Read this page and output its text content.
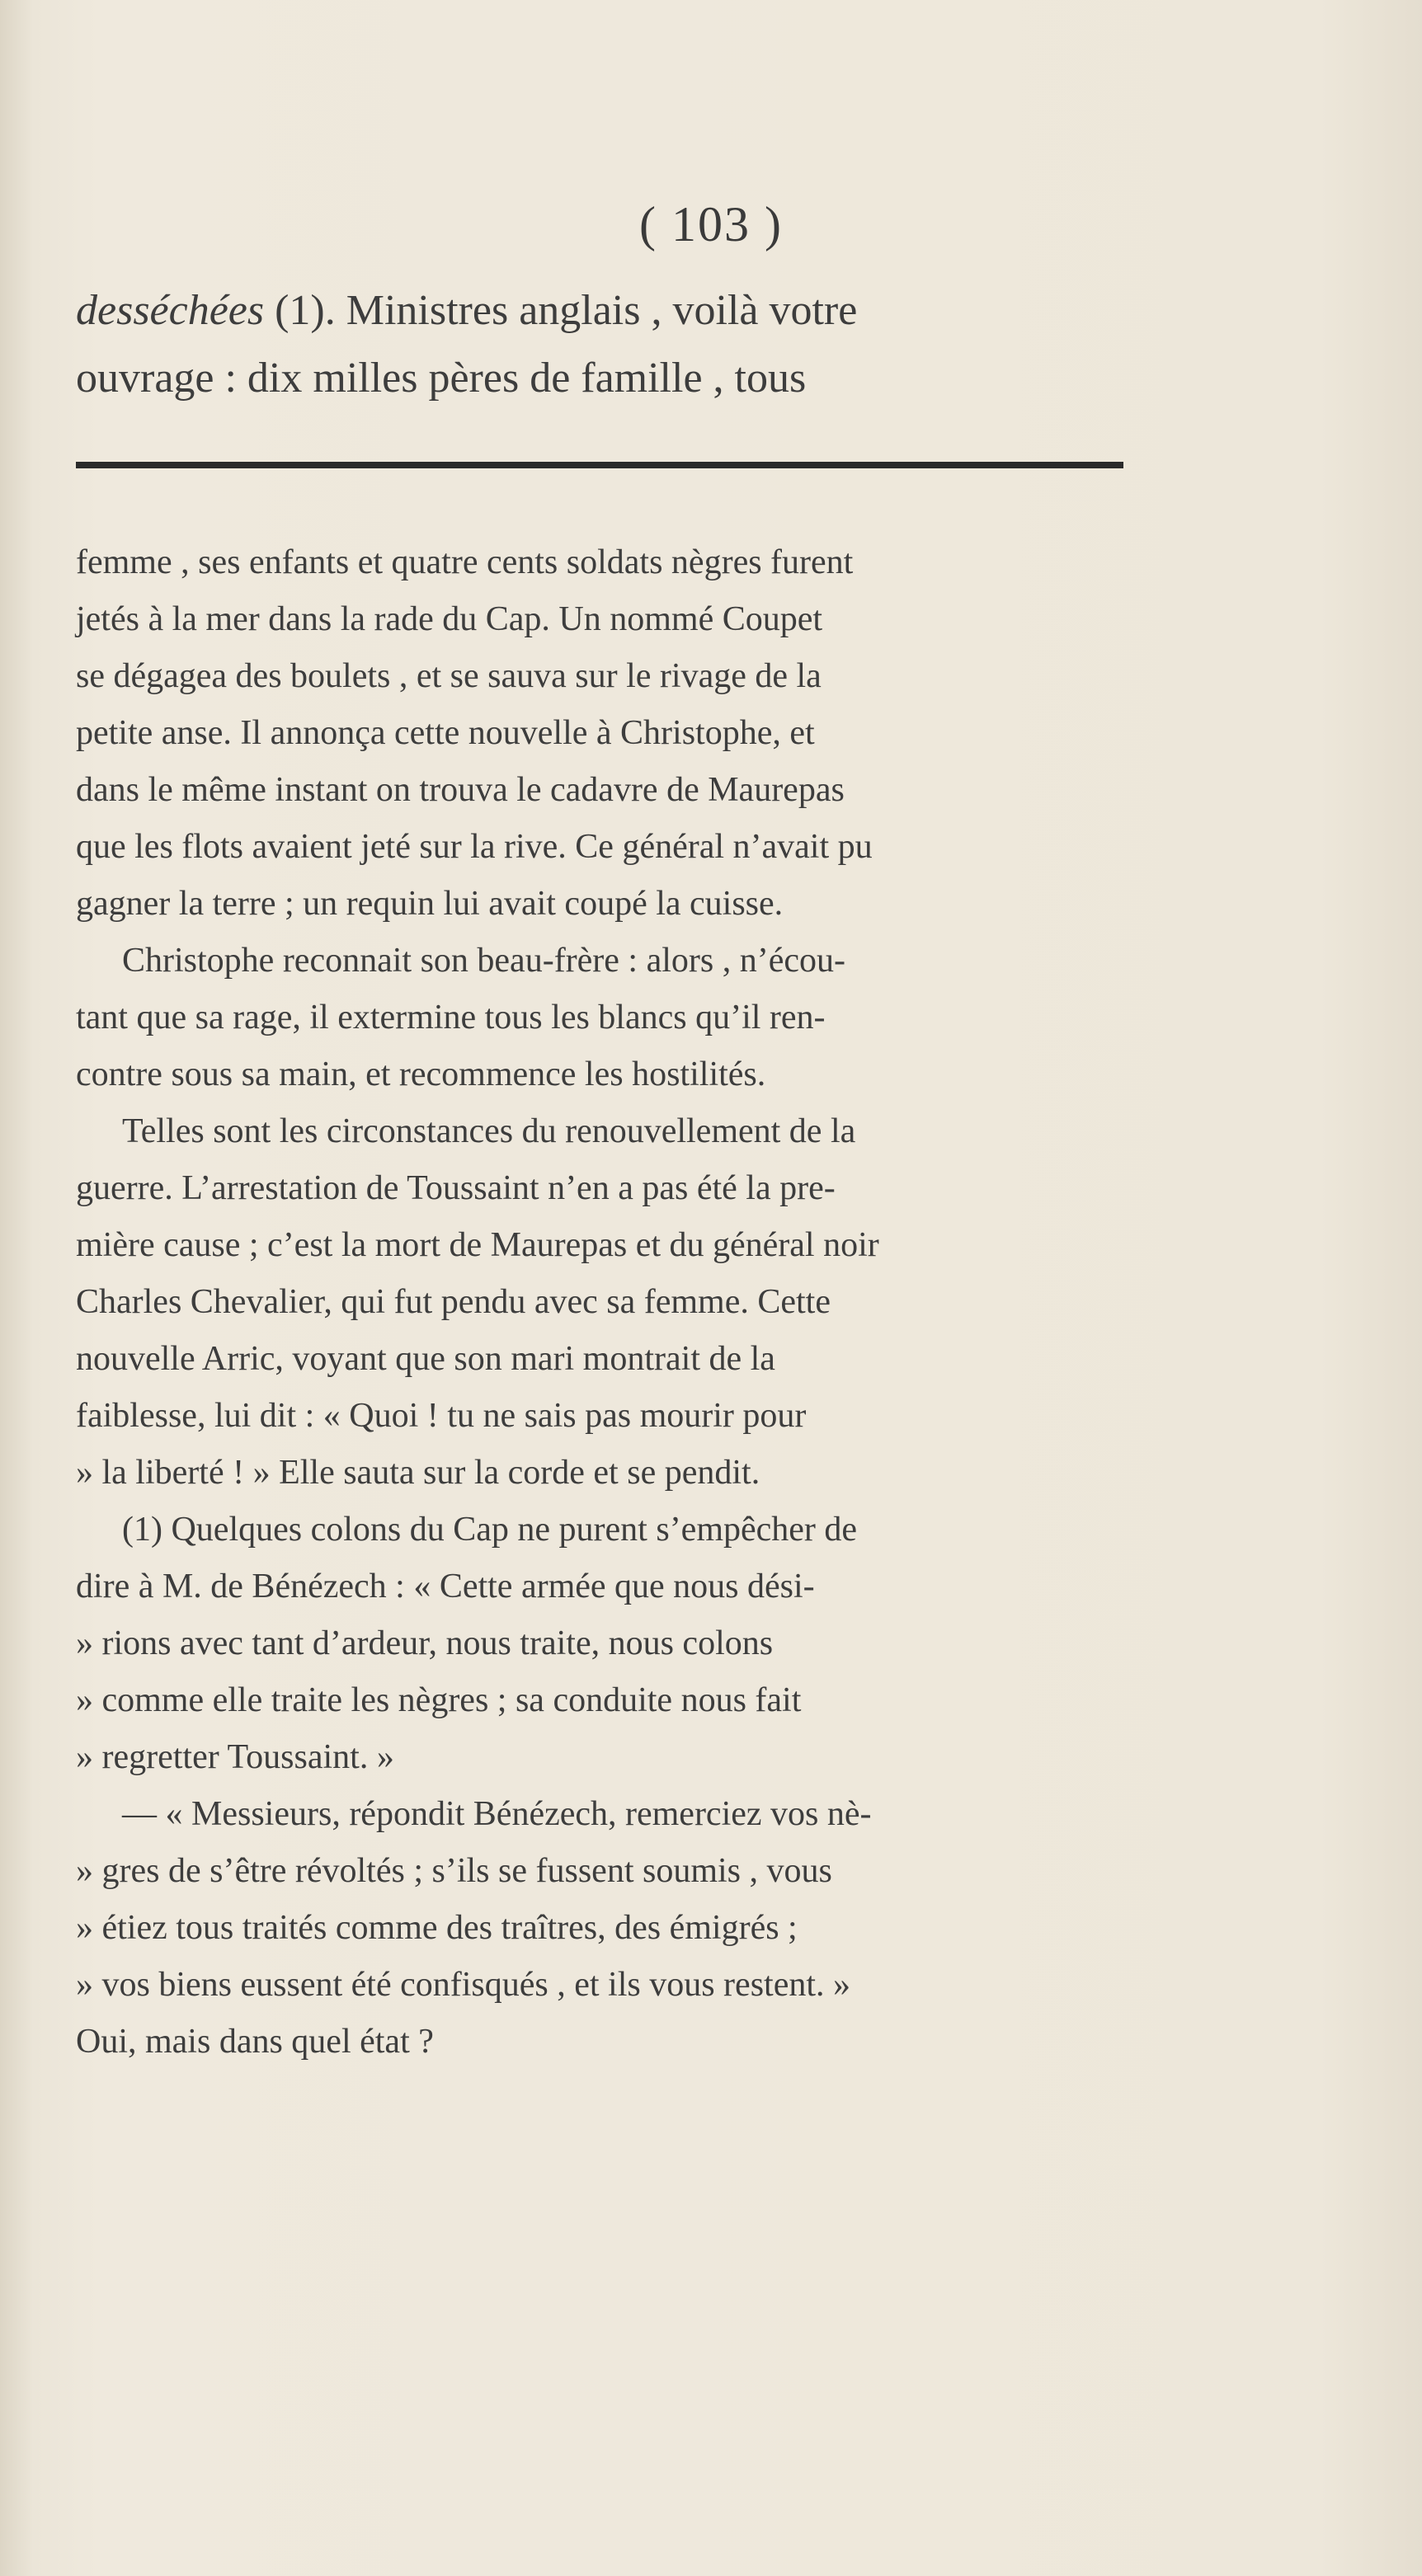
( 103 )
desséchées (1). Ministres anglais , voilà votre
ouvrage : dix milles pères de famille , tous
femme , ses enfants et quatre cents soldats nègres furent
jetés à la mer dans la rade du Cap. Un nommé Coupet
se dégagea des boulets , et se sauva sur le rivage de la
petite anse. Il annonça cette nouvelle à Christophe, et
dans le même instant on trouva le cadavre de Maurepas
que les flots avaient jeté sur la rive. Ce général n’avait pu
gagner la terre ; un requin lui avait coupé la cuisse.
Christophe reconnait son beau-frère : alors , n’écou-
tant que sa rage, il extermine tous les blancs qu’il ren-
contre sous sa main, et recommence les hostilités.
Telles sont les circonstances du renouvellement de la
guerre. L’arrestation de Toussaint n’en a pas été la pre-
mière cause ; c’est la mort de Maurepas et du général noir
Charles Chevalier, qui fut pendu avec sa femme. Cette
nouvelle Arric, voyant que son mari montrait de la
faiblesse, lui dit : « Quoi ! tu ne sais pas mourir pour
» la liberté ! » Elle sauta sur la corde et se pendit.
(1) Quelques colons du Cap ne purent s’empêcher de
dire à M. de Bénézech : « Cette armée que nous dési-
» rions avec tant d’ardeur, nous traite, nous colons
» comme elle traite les nègres ; sa conduite nous fait
» regretter Toussaint. »
— « Messieurs, répondit Bénézech, remerciez vos nè-
» gres de s’être révoltés ; s’ils se fussent soumis , vous
» étiez tous traités comme des traîtres, des émigrés ;
» vos biens eussent été confisqués , et ils vous restent. »
Oui, mais dans quel état ?
